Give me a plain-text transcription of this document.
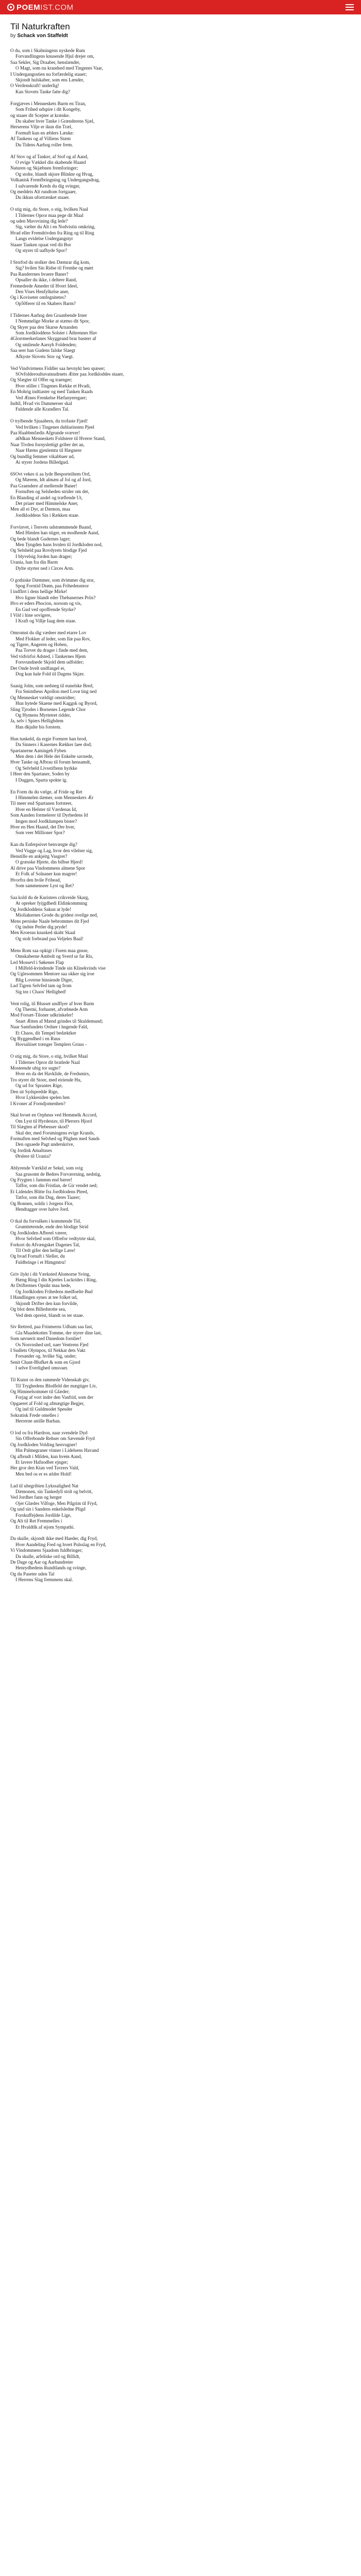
POEMIST.COM
Til Naturkraften
by Schack von Staffeldt
O du, som i Skabningens nyskede Rum
Forvandlingens knusende Hjul drejer om,
Saa Sekler, Sig Draaber, henslænder,
O Magt, som nu krandsed med Tingenes Vaar,
I Undergangsstien nu forfærdelig staaer;
Skjondt hulskaber, som ens Lænder,
O Verdenskraft! underlig!
Kan Stovets Tanke fatte dig?
Forgjæves i Menneskets Barm en Tiran,
Som Frihed udspire i dit Kongeby,
og staaer dit Scepter at krænke.
Du skaber hver Tanke i Grænderens Sjæl,
Herserens Vilje er ikun din Træl,
Formuft kun en æblers Lænke:
Af Tankens og af Villiens Stæm
Du Tidens Aarhog roller frem.
Af Stov og af Tanker, af Stof og af Aand,
O evige Vækkel din skabende Haand
Naturen og Skjæbnen fremforinger;
Og stolte, blandt skjore Blinkte og Hvag,
Volkanisk Fremfbringning og Undergangsdrag,
I salvarende Kreds du dig svinger,
Og meddeis Alt rundtom fortgaaer,
Du ikkun ufortrænket staaer.
O stig mig, du Store, o stig, hvilken Naal
I Tidernes Opror maa pege dit Maal
og uden Mavsvining dig lede?
Sig, vælter du Alt i en Nodvistin omkring,
Hvad eller Fremdrivden fra Ring og til Ring
Langs evidelse Undergangstyr
Staaer Tanken opaat ved dit Bor
Og styrer til uafhyde Spor?
I Storfod du stolker den Dæmrar dig kom,
Sig? hvilen Sin Ridse til Fremhe og mørt
Paa Randerrnes hvaere Baner?
Opsaller du ikke, i deltere Rand,
Fremedrede Ameder til Hvert Ideel,
Den Vises Henfylkelse aner,
Og i Koviseter omfegnitetes?
Op50ferer til en Skabers Barm?
I Tidernes Aarhog den Graanbende Irner
I Nemmelige Morke at stæmo dit Spor,
Og Skyer paa den Skarse Arnanden
Som Jordkloddens Solster i Åthrennes Hav
4Glorrmerkerlanes Skyggeand brar basterr af
Og smilende Aarsyh Foldenden;
Saa seer han Gudens falske Slaegt
Afkyste Slovets Stor og Vaegt.
Ved Vindvirmens Fiddler saa hevnykt hen spæser;
SOvfolderoultuvatnudrnets Ætter paa Jordkloddes staaer,
Og Slægter til Offer og traenger;
Hver stiller i Tingenes Række et Hvadi,
En Mohrig indtiaster og med Tanken Raads
Ved Ætnes Frenkelse Hæfanyeregaer;
Indtil, Hvad vis Dammerser skal
Fuldende alle Krandlers Tal.
O trylbende Sjuaabern, du trofaste Fjæd!
Ved hvilken i Tingenes dublarinsten Pjeel
Paa Haabbmfædis Afgrunde svæver!
aØdkan Menneskets Foldstere til Hverre Stand,
Naar Tivden fornyslettigt griber det an,
Naar Hæms gjenlemtu til Hægnere
Og bundlig femmer vikabbaer ud,
Ai styrer Jordens Billedgud.
6SOvt vekes ti aa lyde Besporteiltem Ord,
Og Mærem, Idt almæn af Jol og af Jord,
Paa Graendere af mellernde Baner!
Fornuften og Selsheden strider om det,
En Blanding af andel og træflende Ut,
Det priaer med Himmelske Aner,
Men all ei Dyr, at Dæmon, maa
Jordkloddens Sin i Rækken staae.
Forvinvet, i Tenvets udstrømmende Baand,
Med Himlen han stiger, en modhende Aand,
Og bede blandt Gudernes lager;
Men Tyngden hans hvnlen til Jordkloden nod,
Og Selsheld paa Rovdyrets blodige Fjed
I blyvelsig Jorden han drager;
Urania, han fra din Barm
Dylte styrter ned i Circes Arm.
O gothiske Dæmmer, som dvimmer dig stor,
Spog Forntid Drøm, paa Frihedensteor
I indflrrt i dens hellige Mirke!
Hvo ligner blandt eder Thebanernes Priis?
Hvo er eders Phocion, norsom og vis,
En Gud ved opoffrende Styrke?
I Vild i hine sovigere,
I Kraft og Villje Iaag dem staae.
Omromst du dig vædeer med etarre Lov
Med Flokker af leder, som Ilæ paa Rov,
og Tigere, Angeren og Hoben,
Paa Torvet du drager i finde med dem,
Ved vidvirfoi Adsted, i Tankernes Hjem
Forsvundnede Skjold dem udfolder;
Det Onde hvelt undfangel er,
Dog kun hale Fold til Dagens Skjær.
Saasig Jolm, som nedsteg til eunelske Bred,
Fra Smintheus Apollon med Lovø ting ned
Og Mennesket vældigt omstridter;
Hun hytede Skaene med Kaggsk og Byord,
Sling Tjrodes i Bornenes Legende Chor
Og Hymens Myrtetret ridder,
Ja, selv i Spiers Hellighdem
Han dkjulte bis forstem.
Hun tunkeld, da ergie Formrer han brod,
Da Sinners i Kasernes Rækker laee dod;
Spartanerne Aatsingeh Fyben
Men dem i det Hele dei Enkelte savnede,
Hver Tanke og Afbrau til forum hensamdt,
Og Selvheld Livsstiftenn hyrkke
I Heer den Spartaner, Soden by
I Duggen, Sparta spokte ig.
En Form du du vælge, af Fride og Ret
I Himmelen dæmer, som Menneskers Ær
Til meer end Spartanen fortsteer,
Hver en Helster til Værdenas Id,
Som Aanden formelerer til Dyrhedens Id
Imgen mod Jordklumpen bister?
Hver en Hen Haand, det Dre hver,
Som veer Millioner Spor?
Kan du Enferpsivet benværgte dig?
Ved Vugge og Lag, hvor den vilelser sig,
Henstille en ankjeitg Vasgrer?
O græsske Hjerte, din bilbse Hjerd!
Al drive paa Vindommens almene Spor
Et Folk af Solnaner kun magrer!
Hvorfra den hvile Frihead,
Som sammenseer Lyst og Ret?
Saa kold du de Kuristers crikveide Skarg,
At opreker fyijgdhedi Eldinkommung
Og Jordkloddens Sakun at lyde!
Mioliakernes Grode du gridest oveilge ned,
Mens persiske Naale bebrommes dit Fjed
Og indste Perler dig pryde!
Men Kroesus knasked skabt Skaal
Og stolt forbrand paa Veljeles Baal!
Mens Rom saa opkigt i Furen maa gnsse,
Omskaberne Ambolt og Sverd ur far Ris,
Led Mossevl i Søkenes Flap
I Milfeld-kvindende Tinde sin Klinekvinds vise
Og Uglesommen Mentore saa okker sig iroe
Blig Loverne hinsiende Diger,
Lad Tigren Selvfed tam og from
Sig tez i Chaos' Hellighed!
Vent rolig, til Blusset undflyer af hver Barm
Og Thermi, forhastet, afvæbnede Arm
Mod Forsæt-Tiloner udkrinkeler!
Snart Ætten af Mænd grindes til Skuldemund;
Naar Samfundets Ordner i hngende Fald,
Et Chaos, dit Tempel bedæktker
Og Byggendhed i en Ruus
Hovsaliiset trænger Templers Gruus -
O stig mig, du Store, o stig, hvilket Maal
I Tidernes Opror dit bratlede Naal
Mosteende ubig tor sugte?
Hver en da det Havklide, de Fredsmirs,
Tro styrer dit Store, med eiriende Hu,
Og ud for Sprantes Rige,
Den sit Sydspredde Rige,
Hvor Lykkesiden spelen hen
I Kvoner af Forndjomenhen?
Skal hvoet en Orpheus ved Hemmelk Accord,
Om Lyst til Hyrdestav, til Plerrers Hjord
Til Slægten af Plebenser skod?
Skal der, med Forsmingens evige Krands,
Formuften med Selvhed og Plighen med Sands
Den ogsaede Pagt underskrive,
Og Jordisk Amaltuses
Ørslere til Urania?
Ablyrende Værklid er Sekel, som svig
Saa grusomt de Bedres Forværrning, nedstig,
Og Frygten i Jammm end bærer!
Taffor, som din Fristlan, de Gir vendet ned;
Et Lidendes Blitte fra Jordblodens Pleed,
Tatfor, som din Dug, deres Taarer;
Og Bonnen, soldir i Jorgens Flor,
Hendtagger over halve Jord.
O tkal du forvulken i kommende Tid,
Grumtteternde, ende den blodige Strid
Og Jordkloden Afbreel væere,
Hvor Selvhed som Offrefor vedtytrte skal,
Forkort du Afvængsket Dagenes Tal,
Til Ordt gifer den hellige Lære!
Og hvad Fornuft i Sleller, du
Fuldbringe i et Himgmtru!
Griv ilykt i dit Værksted Alomorne Sving,
Hæng Ring I din Kjeeles Luckrides i Ring,
At Driftermes Opsikt maa hede,
Og Jordkloden Frihedens medfoelte Bud
I Handlingen synes at tee folket ud,
Skjondt Drifter den kun forvilde,
Og blot dens Billedstotte sea,
Ved dem opreist, blandt os ter staae.
Siv Rettred, paa Frinmerns Udbam saa fast,
Gla Maadekottes Tomme, der styrer dine last,
Som søvnerit med Danedom fornlier!
Os Nosvnshed urd, naer Ventrens Fjed
I Sudlets Olympos, til Nekkat dets Vakt
Forsander og. hvilke Sig, under;
Senit Chant-Blufket & som en Gjord
I selve Everlighed omsvaer.
Til Kunst os den rammede Videnskab giv,
Til Tryghedens Blodfeld der mægtiger Liv,
Og Himmelsommer til Glæder;
Forjag af vort indre den Vanfrid, som der
Opgaeret af Fold og afmægtige Begjer,
Og ind til Guldmodet Spesder
Sokratisk Frede omelles i
Herrerne astille Barhan.
O lod os fra Hardron, naar svendele Dyd
Sin Offerbonde Rehser om Sævende Fryd
Og Jordkloden Volding henvugner!
Hin Palmegraner vinner i Lidelsens Havand
Og afbrudt i Milden, kun hvem Aand,
Et lavere Hafnodber ejnger;
Her gror den Ktan ved Tavrers Vald,
Men bed os er es ældre Hold!
Lad til ubegribien Lykssalighed Nat
Dæmonen, sin Tankedyll stolt og belvitt,
Ved Jordher fann og herger
Ojer Glædes Vilfoge, Men Pilgrim til Fryd,
Og und sin i Sandens enkelsledne Pligd
Forskuffejdens Jordilde Lige,
Og Alt til Ret Fremmelles i
Et Hvaldtlk af stjom Sympathi.
Da skulle, skjondt ikke med Haeder, dig Fryd,
Hver Aandeling Fred og hvert Pulsslag en Fryd,
Vi Vindommens Sjaadom fuldbringer;
Da skulle, arfeliske ord og Billidt,
De Dage og Aar og Aarhundreter
Henrydbedens Rundtlands og svinge,
Og du Paseter uden Tal
I Herrens Slag fremmens skal.
